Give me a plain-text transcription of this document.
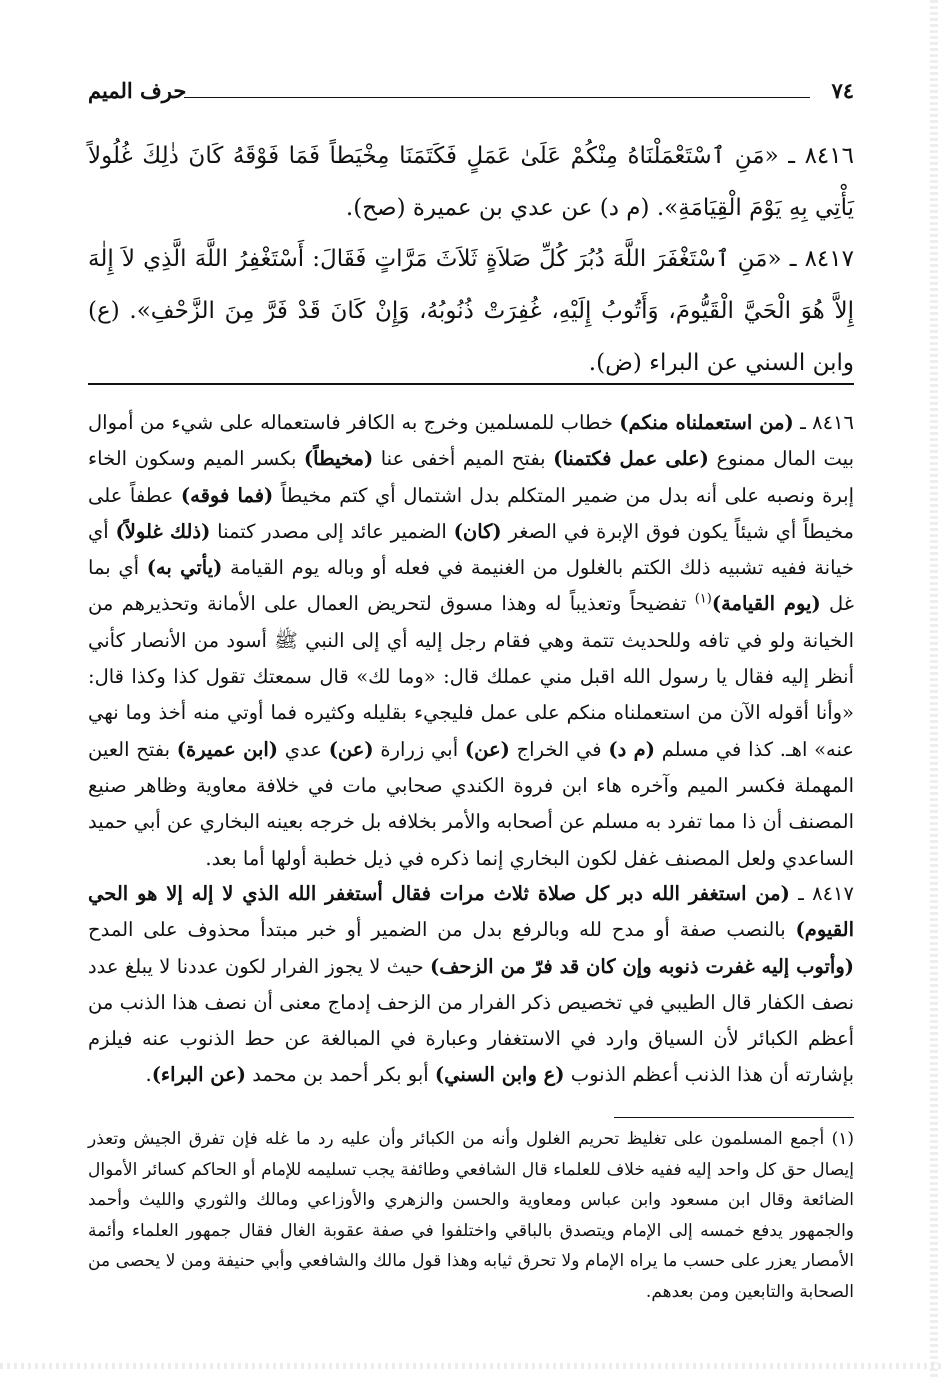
٧٤
حرف الميم
٨٤١٦ ـ «مَنِ ٱسْتَعْمَلْنَاهُ مِنْكُمْ عَلَىٰ عَمَلٍ فَكَتَمَنَا مِخْيَطاً فَمَا فَوْقَهُ كَانَ ذٰلِكَ غُلُولاً يَأْتِي بِهِ يَوْمَ الْقِيَامَةِ». (م د) عن عدي بن عميرة (صح).
٨٤١٧ ـ «مَنِ ٱسْتَغْفَرَ اللَّهَ دُبُرَ كُلِّ صَلاَةٍ ثَلاَثَ مَرَّاتٍ فَقَالَ: أَسْتَغْفِرُ اللَّهَ الَّذِي لاَ إِلٰهَ إِلاَّ هُوَ الْحَيَّ الْقَيُّومَ، وَأَتُوبُ إِلَيْهِ، غُفِرَتْ ذُنُوبُهُ، وَإِنْ كَانَ قَدْ فَرَّ مِنَ الزَّحْفِ». (ع) وابن السني عن البراء (ض).
٨٤١٦ ـ (من استعملناه منكم) خطاب للمسلمين وخرج به الكافر فاستعماله على شيء من أموال بيت المال ممنوع (على عمل فكتمنا) بفتح الميم أخفى عنا (مخيطاً) بكسر الميم وسكون الخاء إبرة ونصبه على أنه بدل من ضمير المتكلم بدل اشتمال أي كتم مخيطاً (فما فوقه) عطفاً على مخيطاً أي شيئاً يكون فوق الإبرة في الصغر (كان) الضمير عائد إلى مصدر كتمنا (ذلك غلولاً) أي خيانة ففيه تشبيه ذلك الكتم بالغلول من الغنيمة في فعله أو وباله يوم القيامة (يأتي به) أي بما غل (يوم القيامة)$^{(١)}$ تفضيحاً وتعذيباً له وهذا مسوق لتحريض العمال على الأمانة وتحذيرهم من الخيانة ولو في تافه وللحديث تتمة وهي فقام رجل إليه أي إلى النبي ﷺ أسود من الأنصار كأني أنظر إليه فقال يا رسول الله اقبل مني عملك قال: «وما لك» قال سمعتك تقول كذا وكذا قال: «وأنا أقوله الآن من استعملناه منكم على عمل فليجيء بقليله وكثيره فما أوتي منه أخذ وما نهي عنه» اهـ. كذا في مسلم (م د) في الخراج (عن) أبي زرارة (عن) عدي (ابن عميرة) بفتح العين المهملة فكسر الميم وآخره هاء ابن فروة الكندي صحابي مات في خلافة معاوية وظاهر صنيع المصنف أن ذا مما تفرد به مسلم عن أصحابه والأمر بخلافه بل خرجه بعينه البخاري عن أبي حميد الساعدي ولعل المصنف غفل لكون البخاري إنما ذكره في ذيل خطبة أولها أما بعد.
٨٤١٧ ـ (من استغفر الله دبر كل صلاة ثلاث مرات فقال أستغفر الله الذي لا إله إلا هو الحي القيوم) بالنصب صفة أو مدح لله وبالرفع بدل من الضمير أو خبر مبتدأ محذوف على المدح (وأتوب إليه غفرت ذنوبه وإن كان قد فرّ من الزحف) حيث لا يجوز الفرار لكون عددنا لا يبلغ عدد نصف الكفار قال الطيبي في تخصيص ذكر الفرار من الزحف إدماج معنى أن نصف هذا الذنب من أعظم الكبائر لأن السياق وارد في الاستغفار وعبارة في المبالغة عن حط الذنوب عنه فيلزم بإشارته أن هذا الذنب أعظم الذنوب (ع وابن السني) أبو بكر أحمد بن محمد (عن البراء).
(١) أجمع المسلمون على تغليظ تحريم الغلول وأنه من الكبائر وأن عليه رد ما غله فإن تفرق الجيش وتعذر إيصال حق كل واحد إليه ففيه خلاف للعلماء قال الشافعي وطائفة يجب تسليمه للإمام أو الحاكم كسائر الأموال الضائعة وقال ابن مسعود وابن عباس ومعاوية والحسن والزهري والأوزاعي ومالك والثوري والليث وأحمد والجمهور يدفع خمسه إلى الإمام ويتصدق بالباقي واختلفوا في صفة عقوبة الغال فقال جمهور العلماء وأئمة الأمصار يعزر على حسب ما يراه الإمام ولا تحرق ثيابه وهذا قول مالك والشافعي وأبي حنيفة ومن لا يحصى من الصحابة والتابعين ومن بعدهم.
